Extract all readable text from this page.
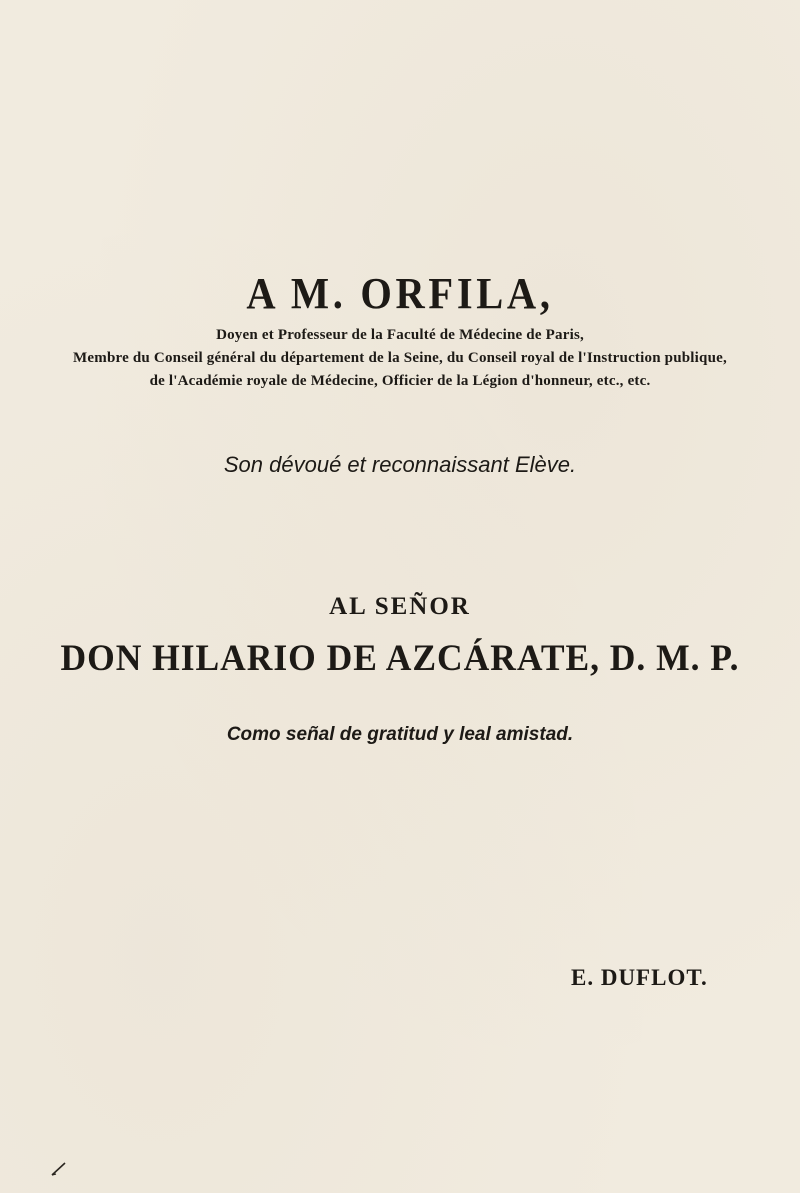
A M. ORFILA,
Doyen et Professeur de la Faculté de Médecine de Paris,
Membre du Conseil général du département de la Seine, du Conseil royal de l'Instruction publique,
de l'Académie royale de Médecine, Officier de la Légion d'honneur, etc., etc.
Son dévoué et reconnaissant Elève.
AL SEÑOR
DON HILARIO DE AZCÁRATE, D. M. P.
Como señal de gratitud y leal amistad.
E. DUFLOT.
